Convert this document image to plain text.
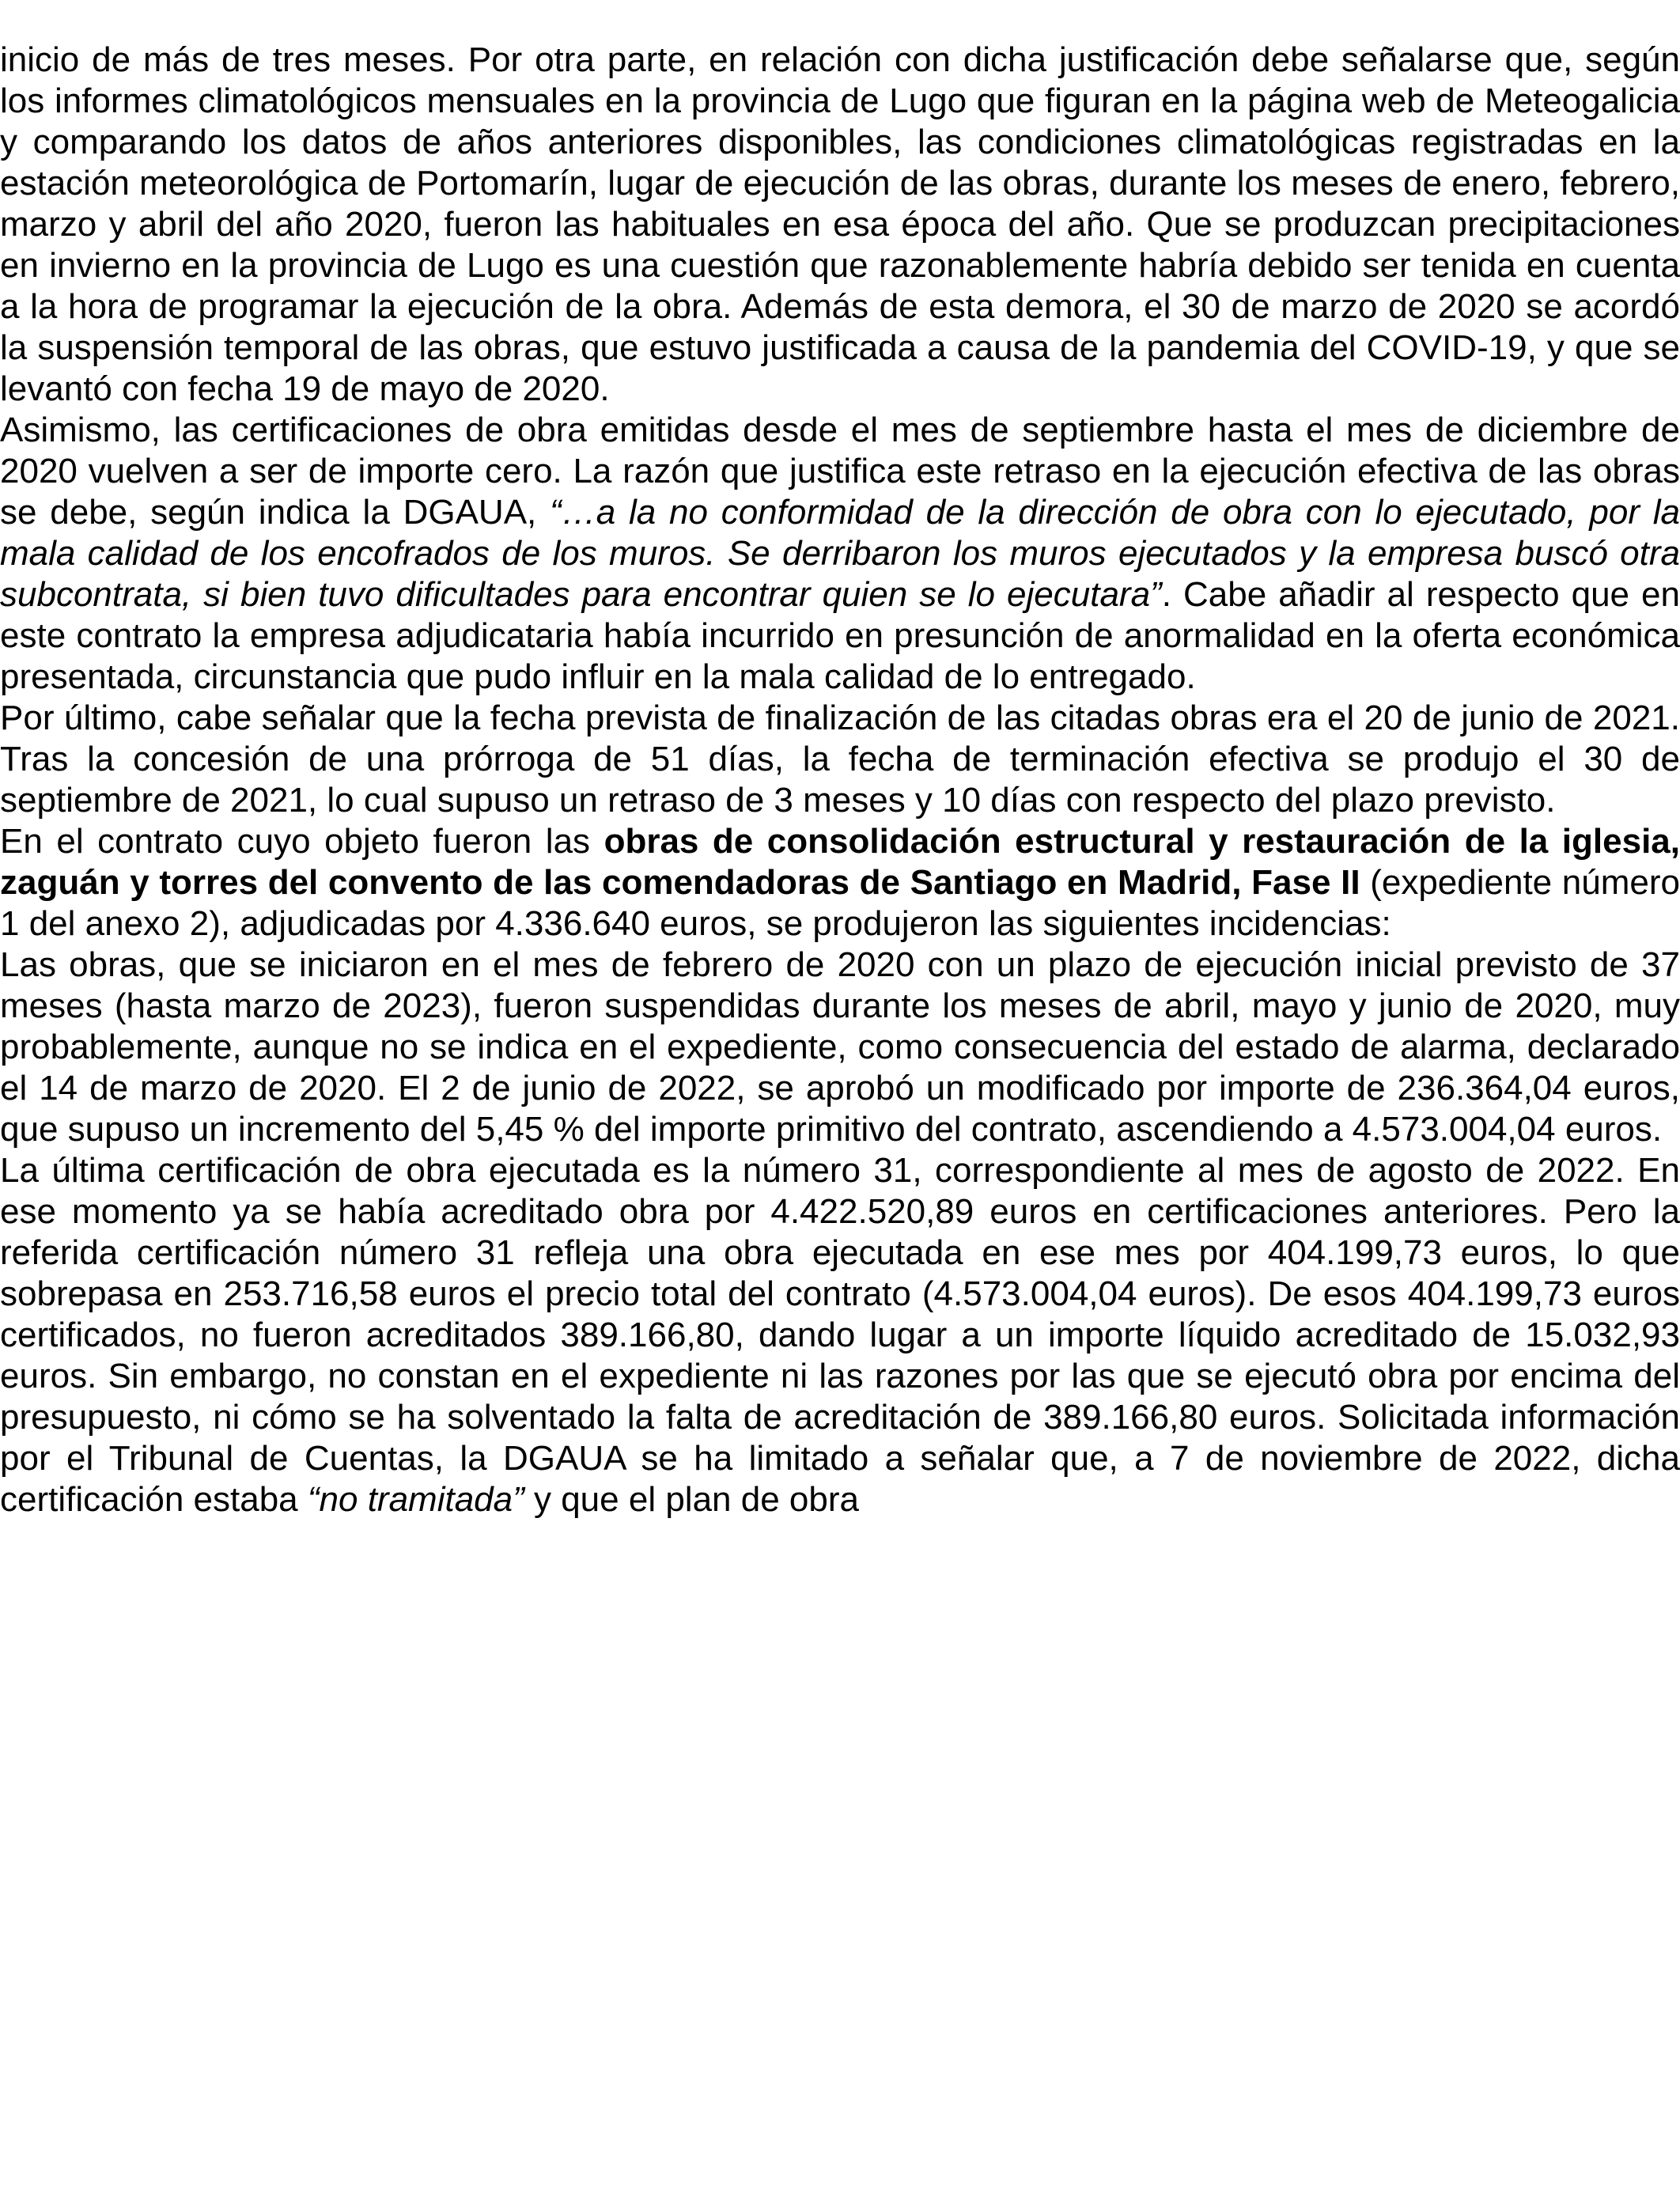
inicio de más de tres meses. Por otra parte, en relación con dicha justificación debe señalarse que, según los informes climatológicos mensuales en la provincia de Lugo que figuran en la página web de Meteogalicia y comparando los datos de años anteriores disponibles, las condiciones climatológicas registradas en la estación meteorológica de Portomarín, lugar de ejecución de las obras, durante los meses de enero, febrero, marzo y abril del año 2020, fueron las habituales en esa época del año. Que se produzcan precipitaciones en invierno en la provincia de Lugo es una cuestión que razonablemente habría debido ser tenida en cuenta a la hora de programar la ejecución de la obra. Además de esta demora, el 30 de marzo de 2020 se acordó la suspensión temporal de las obras, que estuvo justificada a causa de la pandemia del COVID-19, y que se levantó con fecha 19 de mayo de 2020.

Asimismo, las certificaciones de obra emitidas desde el mes de septiembre hasta el mes de diciembre de 2020 vuelven a ser de importe cero. La razón que justifica este retraso en la ejecución efectiva de las obras se debe, según indica la DGAUA, “…a la no conformidad de la dirección de obra con lo ejecutado, por la mala calidad de los encofrados de los muros. Se derribaron los muros ejecutados y la empresa buscó otra subcontrata, si bien tuvo dificultades para encontrar quien se lo ejecutara”. Cabe añadir al respecto que en este contrato la empresa adjudicataria había incurrido en presunción de anormalidad en la oferta económica presentada, circunstancia que pudo influir en la mala calidad de lo entregado.

Por último, cabe señalar que la fecha prevista de finalización de las citadas obras era el 20 de junio de 2021. Tras la concesión de una prórroga de 51 días, la fecha de terminación efectiva se produjo el 30 de septiembre de 2021, lo cual supuso un retraso de 3 meses y 10 días con respecto del plazo previsto.

En el contrato cuyo objeto fueron las obras de consolidación estructural y restauración de la iglesia, zaguán y torres del convento de las comendadoras de Santiago en Madrid, Fase II (expediente número 1 del anexo 2), adjudicadas por 4.336.640 euros, se produjeron las siguientes incidencias:

Las obras, que se iniciaron en el mes de febrero de 2020 con un plazo de ejecución inicial previsto de 37 meses (hasta marzo de 2023), fueron suspendidas durante los meses de abril, mayo y junio de 2020, muy probablemente, aunque no se indica en el expediente, como consecuencia del estado de alarma, declarado el 14 de marzo de 2020. El 2 de junio de 2022, se aprobó un modificado por importe de 236.364,04 euros, que supuso un incremento del 5,45 % del importe primitivo del contrato, ascendiendo a 4.573.004,04 euros.

La última certificación de obra ejecutada es la número 31, correspondiente al mes de agosto de 2022. En ese momento ya se había acreditado obra por 4.422.520,89 euros en certificaciones anteriores. Pero la referida certificación número 31 refleja una obra ejecutada en ese mes por 404.199,73 euros, lo que sobrepasa en 253.716,58 euros el precio total del contrato (4.573.004,04 euros). De esos 404.199,73 euros certificados, no fueron acreditados 389.166,80, dando lugar a un importe líquido acreditado de 15.032,93 euros. Sin embargo, no constan en el expediente ni las razones por las que se ejecutó obra por encima del presupuesto, ni cómo se ha solventado la falta de acreditación de 389.166,80 euros. Solicitada información por el Tribunal de Cuentas, la DGAUA se ha limitado a señalar que, a 7 de noviembre de 2022, dicha certificación estaba “no tramitada” y que el plan de obra
